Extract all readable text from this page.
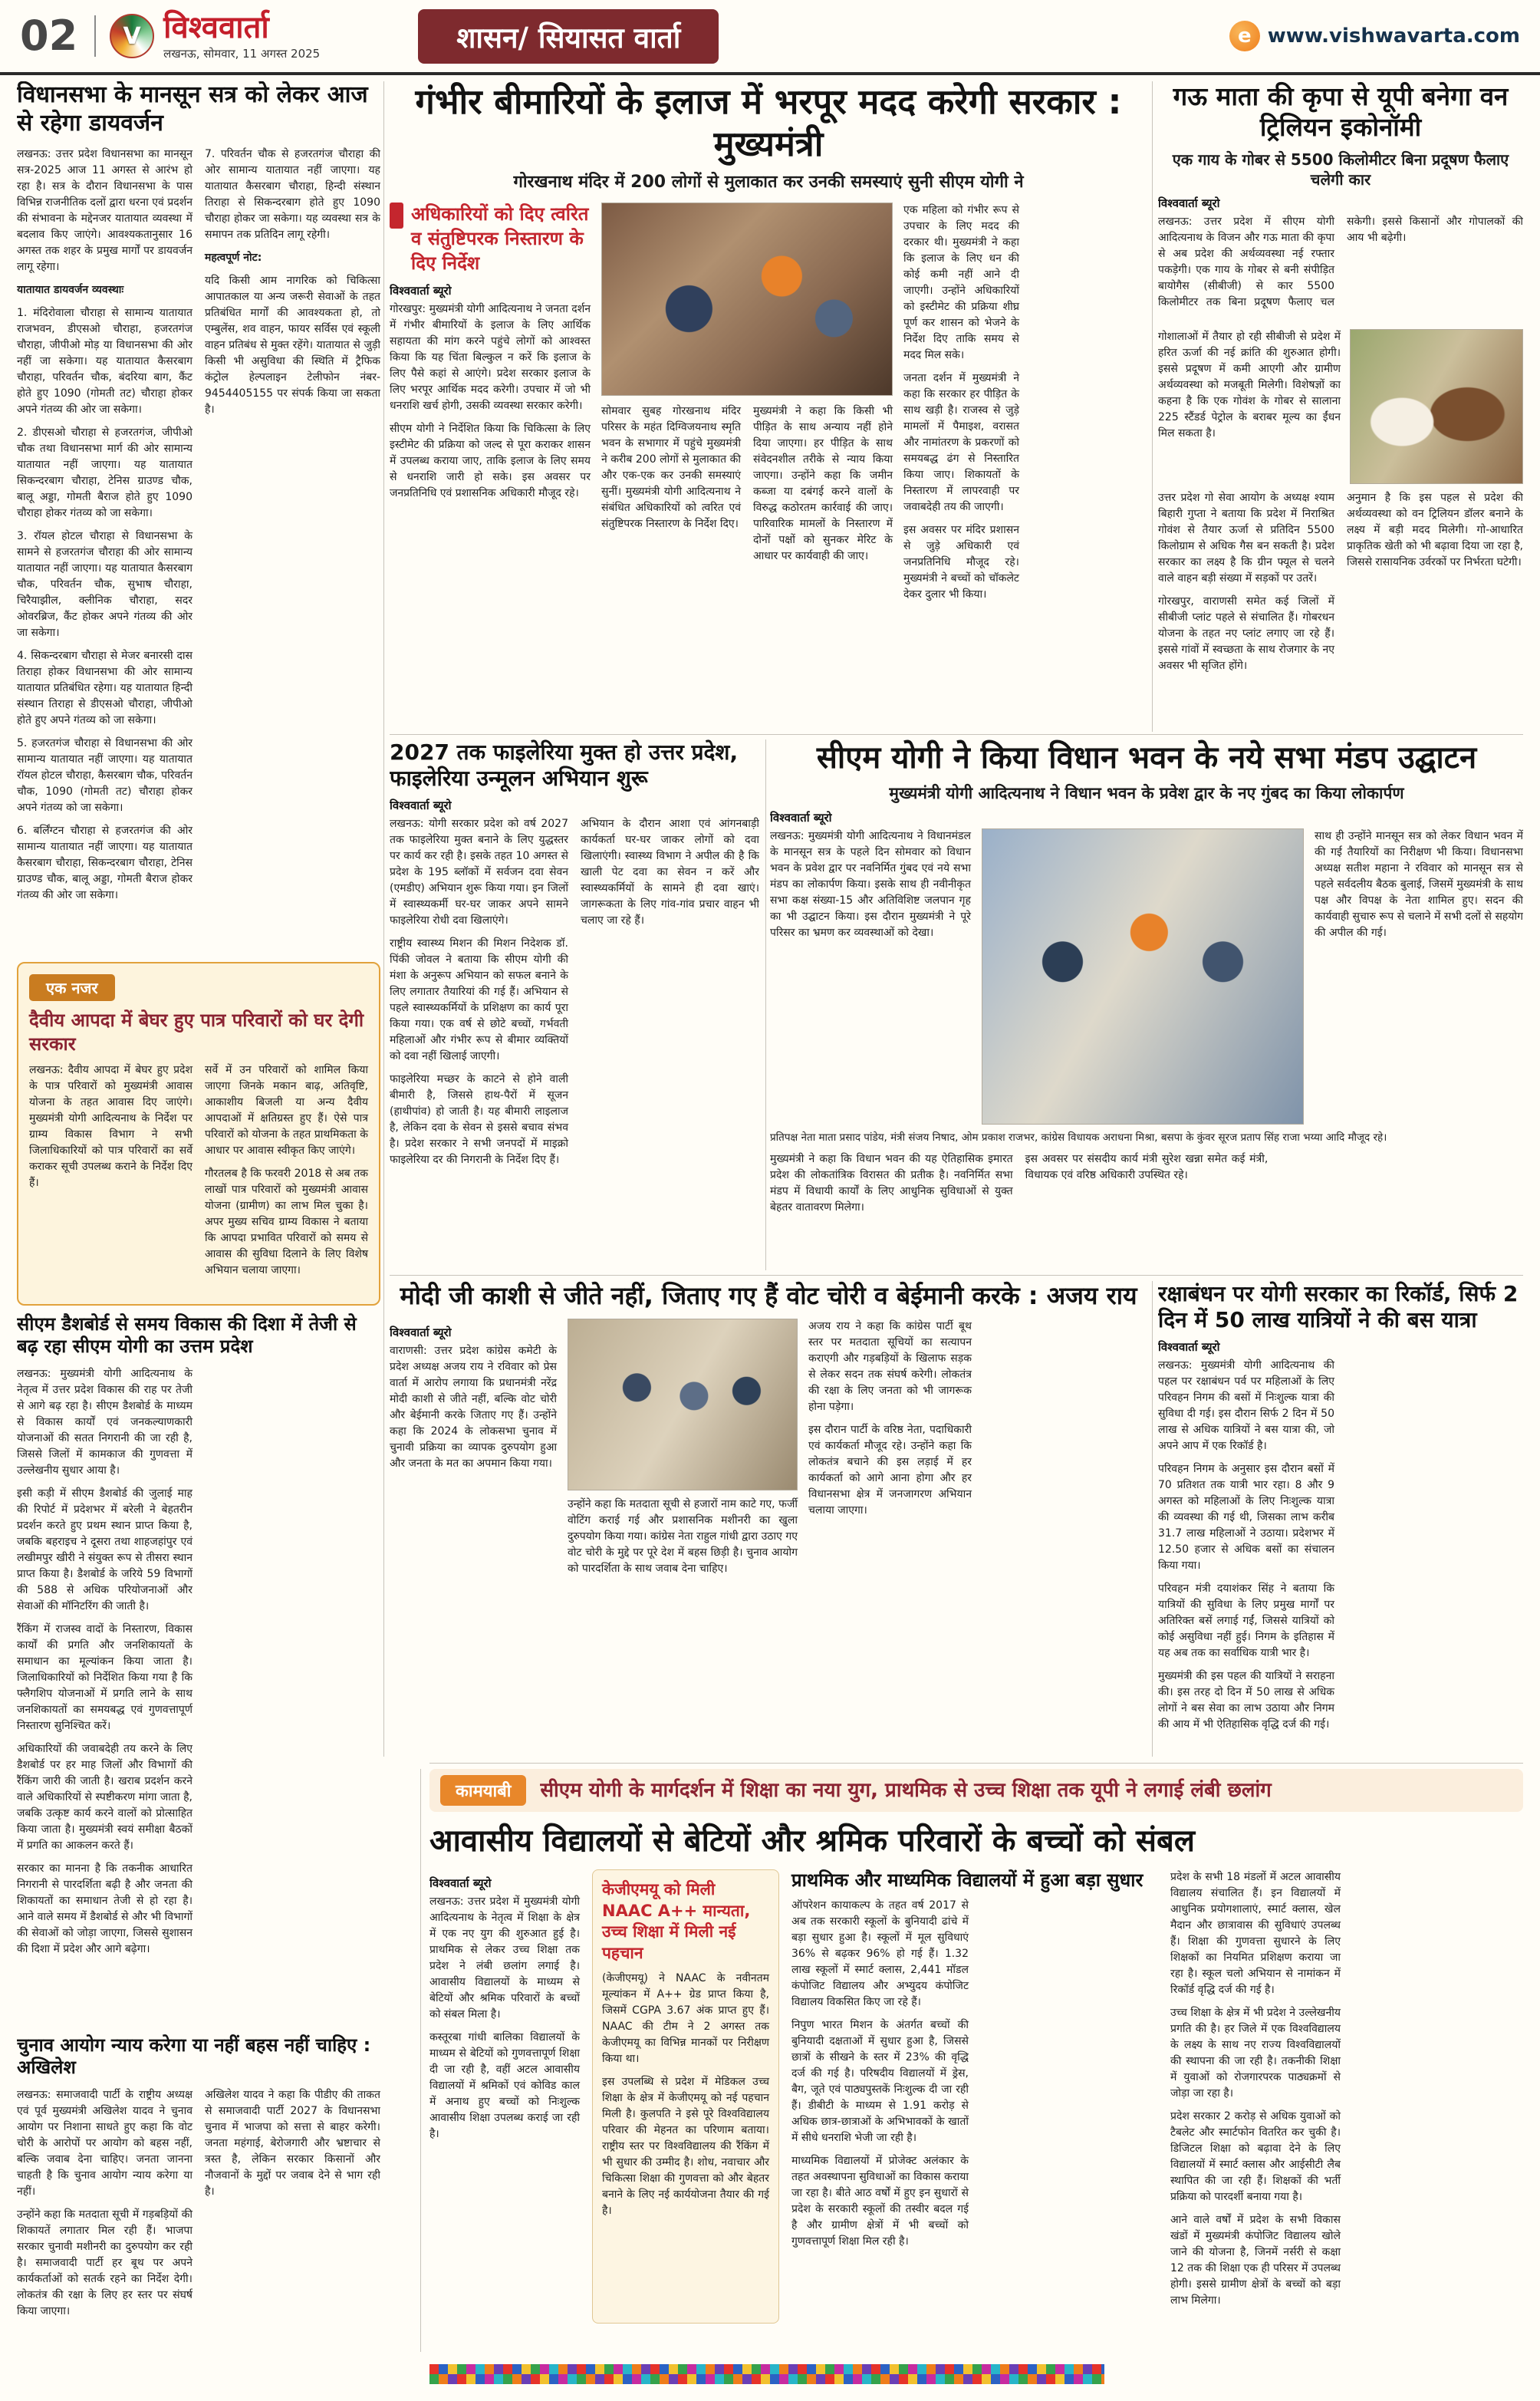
02	V विश्ववार्ता
लखनऊ, सोमवार, 11 अगस्त 2025	शासन/ सियासत वार्ता	e www.vishwavarta.com
विधानसभा के मानसून सत्र को लेकर आज से रहेगा डायवर्जन

लखनऊ: उत्तर प्रदेश विधानसभा का मानसून सत्र-2025 आज 11 अगस्त से आरंभ हो रहा है। सत्र के दौरान विधानसभा के पास विभिन्न राजनीतिक दलों द्वारा धरना एवं प्रदर्शन की संभावना के मद्देनजर यातायात व्यवस्था में बदलाव किए जाएंगे। आवश्यकतानुसार 16 अगस्त तक शहर के प्रमुख मार्गों पर डायवर्जन लागू रहेगा।

यातायात डायवर्जन व्यवस्थाः

1. मंदिरोवाला चौराहा से सामान्य यातायात राजभवन, डीएसओ चौराहा, हजरतगंज चौराहा, जीपीओ मोड़ या विधानसभा की ओर नहीं जा सकेगा। यह यातायात कैसरबाग चौराहा, परिवर्तन चौक, बंदरिया बाग, कैंट होते हुए 1090 (गोमती तट) चौराहा होकर अपने गंतव्य की ओर जा सकेगा।

2. डीएसओ चौराहा से हजरतगंज, जीपीओ चौक तथा विधानसभा मार्ग की ओर सामान्य यातायात नहीं जाएगा। यह यातायात सिकन्दरबाग चौराहा, टेनिस ग्राउण्ड चौक, बालू अड्डा, गोमती बैराज होते हुए 1090 चौराहा होकर गंतव्य को जा सकेगा।

3. रॉयल होटल चौराहा से विधानसभा के सामने से हजरतगंज चौराहा की ओर सामान्य यातायात नहीं जाएगा। यह यातायात कैसरबाग चौक, परिवर्तन चौक, सुभाष चौराहा, चिरैयाझील, क्लीनिक चौराहा, सदर ओवरब्रिज, कैंट होकर अपने गंतव्य की ओर जा सकेगा।

4. सिकन्दरबाग चौराहा से मेजर बनारसी दास तिराहा होकर विधानसभा की ओर सामान्य यातायात प्रतिबंधित रहेगा। यह यातायात हिन्दी संस्थान तिराहा से डीएसओ चौराहा, जीपीओ होते हुए अपने गंतव्य को जा सकेगा।

5. हजरतगंज चौराहा से विधानसभा की ओर सामान्य यातायात नहीं जाएगा। यह यातायात रॉयल होटल चौराहा, कैसरबाग चौक, परिवर्तन चौक, 1090 (गोमती तट) चौराहा होकर अपने गंतव्य को जा सकेगा।

6. बर्लिंग्टन चौराहा से हजरतगंज की ओर सामान्य यातायात नहीं जाएगा। यह यातायात कैसरबाग चौराहा, सिकन्दरबाग चौराहा, टेनिस ग्राउण्ड चौक, बालू अड्डा, गोमती बैराज होकर गंतव्य की ओर जा सकेगा।

7. परिवर्तन चौक से हजरतगंज चौराहा की ओर सामान्य यातायात नहीं जाएगा। यह यातायात कैसरबाग चौराहा, हिन्दी संस्थान तिराहा से सिकन्दरबाग होते हुए 1090 चौराहा होकर जा सकेगा। यह व्यवस्था सत्र के समापन तक प्रतिदिन लागू रहेगी।

महत्वपूर्ण नोट:

यदि किसी आम नागरिक को चिकित्सा आपातकाल या अन्य जरूरी सेवाओं के तहत प्रतिबंधित मार्गों की आवश्यकता हो, तो एम्बुलेंस, शव वाहन, फायर सर्विस एवं स्कूली वाहन प्रतिबंध से मुक्त रहेंगे। यातायात से जुड़ी किसी भी असुविधा की स्थिति में ट्रैफिक कंट्रोल हेल्पलाइन टेलीफोन नंबर- 9454405155 पर संपर्क किया जा सकता है।

एक नजर
दैवीय आपदा में बेघर हुए पात्र परिवारों को घर देगी सरकार

लखनऊ: दैवीय आपदा में बेघर हुए प्रदेश के पात्र परिवारों को मुख्यमंत्री आवास योजना के तहत आवास दिए जाएंगे। मुख्यमंत्री योगी आदित्यनाथ के निर्देश पर ग्राम्य विकास विभाग ने सभी जिलाधिकारियों को पात्र परिवारों का सर्वे कराकर सूची उपलब्ध कराने के निर्देश दिए हैं।

सर्वे में उन परिवारों को शामिल किया जाएगा जिनके मकान बाढ़, अतिवृष्टि, आकाशीय बिजली या अन्य दैवीय आपदाओं में क्षतिग्रस्त हुए हैं। ऐसे पात्र परिवारों को योजना के तहत प्राथमिकता के आधार पर आवास स्वीकृत किए जाएंगे।

गौरतलब है कि फरवरी 2018 से अब तक लाखों पात्र परिवारों को मुख्यमंत्री आवास योजना (ग्रामीण) का लाभ मिल चुका है। अपर मुख्य सचिव ग्राम्य विकास ने बताया कि आपदा प्रभावित परिवारों को समय से आवास की सुविधा दिलाने के लिए विशेष अभियान चलाया जाएगा।

सीएम डैशबोर्ड से समय विकास की दिशा में तेजी से बढ़ रहा सीएम योगी का उत्तम प्रदेश

लखनऊ: मुख्यमंत्री योगी आदित्यनाथ के नेतृत्व में उत्तर प्रदेश विकास की राह पर तेजी से आगे बढ़ रहा है। सीएम डैशबोर्ड के माध्यम से विकास कार्यों एवं जनकल्याणकारी योजनाओं की सतत निगरानी की जा रही है, जिससे जिलों में कामकाज की गुणवत्ता में उल्लेखनीय सुधार आया है।

इसी कड़ी में सीएम डैशबोर्ड की जुलाई माह की रिपोर्ट में प्रदेशभर में बरेली ने बेहतरीन प्रदर्शन करते हुए प्रथम स्थान प्राप्त किया है, जबकि बहराइच ने दूसरा तथा शाहजहांपुर एवं लखीमपुर खीरी ने संयुक्त रूप से तीसरा स्थान प्राप्त किया है। डैशबोर्ड के जरिये 59 विभागों की 588 से अधिक परियोजनाओं और सेवाओं की मॉनिटरिंग की जाती है।

रैंकिंग में राजस्व वादों के निस्तारण, विकास कार्यों की प्रगति और जनशिकायतों के समाधान का मूल्यांकन किया जाता है। जिलाधिकारियों को निर्देशित किया गया है कि फ्लैगशिप योजनाओं में प्रगति लाने के साथ जनशिकायतों का समयबद्ध एवं गुणवत्तापूर्ण निस्तारण सुनिश्चित करें।

अधिकारियों की जवाबदेही तय करने के लिए डैशबोर्ड पर हर माह जिलों और विभागों की रैंकिंग जारी की जाती है। खराब प्रदर्शन करने वाले अधिकारियों से स्पष्टीकरण मांगा जाता है, जबकि उत्कृष्ट कार्य करने वालों को प्रोत्साहित किया जाता है। मुख्यमंत्री स्वयं समीक्षा बैठकों में प्रगति का आकलन करते हैं।

सरकार का मानना है कि तकनीक आधारित निगरानी से पारदर्शिता बढ़ी है और जनता की शिकायतों का समाधान तेजी से हो रहा है। आने वाले समय में डैशबोर्ड से और भी विभागों की सेवाओं को जोड़ा जाएगा, जिससे सुशासन की दिशा में प्रदेश और आगे बढ़ेगा।

चुनाव आयोग न्याय करेगा या नहीं बहस नहीं चाहिए : अखिलेश

लखनऊ: समाजवादी पार्टी के राष्ट्रीय अध्यक्ष एवं पूर्व मुख्यमंत्री अखिलेश यादव ने चुनाव आयोग पर निशाना साधते हुए कहा कि वोट चोरी के आरोपों पर आयोग को बहस नहीं, बल्कि जवाब देना चाहिए। जनता जानना चाहती है कि चुनाव आयोग न्याय करेगा या नहीं।

उन्होंने कहा कि मतदाता सूची में गड़बड़ियों की शिकायतें लगातार मिल रही हैं। भाजपा सरकार चुनावी मशीनरी का दुरुपयोग कर रही है। समाजवादी पार्टी हर बूथ पर अपने कार्यकर्ताओं को सतर्क रहने का निर्देश देगी। लोकतंत्र की रक्षा के लिए हर स्तर पर संघर्ष किया जाएगा।

अखिलेश यादव ने कहा कि पीडीए की ताकत से समाजवादी पार्टी 2027 के विधानसभा चुनाव में भाजपा को सत्ता से बाहर करेगी। जनता महंगाई, बेरोजगारी और भ्रष्टाचार से त्रस्त है, लेकिन सरकार किसानों और नौजवानों के मुद्दों पर जवाब देने से भाग रही है।

गंभीर बीमारियों के इलाज में भरपूर मदद करेगी सरकार : मुख्यमंत्री
गोरखनाथ मंदिर में 200 लोगों से मुलाकात कर उनकी समस्याएं सुनी सीएम योगी ने
अधिकारियों को दिए त्वरित व संतुष्टिपरक निस्तारण के दिए निर्देश
विश्ववार्ता ब्यूरो

गोरखपुर: मुख्यमंत्री योगी आदित्यनाथ ने जनता दर्शन में गंभीर बीमारियों के इलाज के लिए आर्थिक सहायता की मांग करने पहुंचे लोगों को आश्वस्त किया कि यह चिंता बिल्कुल न करें कि इलाज के लिए पैसे कहां से आएंगे। प्रदेश सरकार इलाज के लिए भरपूर आर्थिक मदद करेगी। उपचार में जो भी धनराशि खर्च होगी, उसकी व्यवस्था सरकार करेगी।

सीएम योगी ने निर्देशित किया कि चिकित्सा के लिए इस्टीमेट की प्रक्रिया को जल्द से पूरा कराकर शासन में उपलब्ध कराया जाए, ताकि इलाज के लिए समय से धनराशि जारी हो सके। इस अवसर पर जनप्रतिनिधि एवं प्रशासनिक अधिकारी मौजूद रहे।

सोमवार सुबह गोरखनाथ मंदिर परिसर के महंत दिग्विजयनाथ स्मृति भवन के सभागार में पहुंचे मुख्यमंत्री ने करीब 200 लोगों से मुलाकात की और एक-एक कर उनकी समस्याएं सुनीं। मुख्यमंत्री योगी आदित्यनाथ ने संबंधित अधिकारियों को त्वरित एवं संतुष्टिपरक निस्तारण के निर्देश दिए।

मुख्यमंत्री ने कहा कि किसी भी पीड़ित के साथ अन्याय नहीं होने दिया जाएगा। हर पीड़ित के साथ संवेदनशील तरीके से न्याय किया जाएगा। उन्होंने कहा कि जमीन कब्जा या दबंगई करने वालों के विरुद्ध कठोरतम कार्रवाई की जाए। पारिवारिक मामलों के निस्तारण में दोनों पक्षों को सुनकर मेरिट के आधार पर कार्यवाही की जाए।

एक महिला को गंभीर रूप से उपचार के लिए मदद की दरकार थी। मुख्यमंत्री ने कहा कि इलाज के लिए धन की कोई कमी नहीं आने दी जाएगी। उन्होंने अधिकारियों को इस्टीमेट की प्रक्रिया शीघ्र पूर्ण कर शासन को भेजने के निर्देश दिए ताकि समय से मदद मिल सके।

जनता दर्शन में मुख्यमंत्री ने कहा कि सरकार हर पीड़ित के साथ खड़ी है। राजस्व से जुड़े मामलों में पैमाइश, वरासत और नामांतरण के प्रकरणों को समयबद्ध ढंग से निस्तारित किया जाए। शिकायतों के निस्तारण में लापरवाही पर जवाबदेही तय की जाएगी।

इस अवसर पर मंदिर प्रशासन से जुड़े अधिकारी एवं जनप्रतिनिधि मौजूद रहे। मुख्यमंत्री ने बच्चों को चॉकलेट देकर दुलार भी किया।

2027 तक फाइलेरिया मुक्त हो उत्तर प्रदेश, फाइलेरिया उन्मूलन अभियान शुरू
विश्ववार्ता ब्यूरो

लखनऊ: योगी सरकार प्रदेश को वर्ष 2027 तक फाइलेरिया मुक्त बनाने के लिए युद्धस्तर पर कार्य कर रही है। इसके तहत 10 अगस्त से प्रदेश के 195 ब्लॉकों में सर्वजन दवा सेवन (एमडीए) अभियान शुरू किया गया। इन जिलों में स्वास्थ्यकर्मी घर-घर जाकर अपने सामने फाइलेरिया रोधी दवा खिलाएंगे।

राष्ट्रीय स्वास्थ्य म‍िशन की मिशन निदेशक डॉ. पिंकी जोवल ने बताया कि सीएम योगी की मंशा के अनुरूप अभियान को सफल बनाने के लिए लगातार तैयारियां की गई हैं। अभियान से पहले स्वास्थ्यकर्मियों के प्रशिक्षण का कार्य पूरा किया गया। एक वर्ष से छोटे बच्चों, गर्भवती महिलाओं और गंभीर रूप से बीमार व्यक्तियों को दवा नहीं खिलाई जाएगी।

फाइलेरिया मच्छर के काटने से होने वाली बीमारी है, जिससे हाथ-पैरों में सूजन (हाथीपांव) हो जाती है। यह बीमारी लाइलाज है, लेकिन दवा के सेवन से इससे बचाव संभव है। प्रदेश सरकार ने सभी जनपदों में माइक्रो फाइलेरिया दर की निगरानी के निर्देश दिए हैं।

अभियान के दौरान आशा एवं आंगनबाड़ी कार्यकर्ता घर-घर जाकर लोगों को दवा खिलाएंगी। स्वास्थ्य विभाग ने अपील की है कि खाली पेट दवा का सेवन न करें और स्वास्थ्यकर्मियों के सामने ही दवा खाएं। जागरूकता के लिए गांव-गांव प्रचार वाहन भी चलाए जा रहे हैं।

सीएम योगी ने किया विधान भवन के नये सभा मंडप उद्घाटन
मुख्यमंत्री योगी आदित्यनाथ ने विधान भवन के प्रवेश द्वार के नए गुंबद का किया लोकार्पण
विश्ववार्ता ब्यूरो

लखनऊ: मुख्यमंत्री योगी आदित्यनाथ ने विधानमंडल के मानसून सत्र के पहले दिन सोमवार को विधान भवन के प्रवेश द्वार पर नवनिर्मित गुंबद एवं नये सभा मंडप का लोकार्पण किया। इसके साथ ही नवीनीकृत सभा कक्ष संख्या-15 और अतिविशिष्ट जलपान गृह का भी उद्घाटन किया। इस दौरान मुख्यमंत्री ने पूरे परिसर का भ्रमण कर व्यवस्थाओं को देखा।

साथ ही उन्होंने मानसून सत्र को लेकर विधान भवन में की गई तैयारियों का निरीक्षण भी किया। विधानसभा अध्यक्ष सतीश महाना ने रविवार को मानसून सत्र से पहले सर्वदलीय बैठक बुलाई, जिसमें मुख्यमंत्री के साथ पक्ष और विपक्ष के नेता शामिल हुए। सदन की कार्यवाही सुचारु रूप से चलाने में सभी दलों से सहयोग की अपील की गई।

प्रतिपक्ष नेता माता प्रसाद पांडेय, मंत्री संजय निषाद, ओम प्रकाश राजभर, कांग्रेस विधायक अराधना मिश्रा, बसपा के कुंवर सूरज प्रताप सिंह राजा भय्या आदि मौजूद रहे।

मुख्यमंत्री ने कहा कि विधान भवन की यह ऐतिहासिक इमारत प्रदेश की लोकतांत्रिक विरासत की प्रतीक है। नवनिर्मित सभा मंडप में विधायी कार्यों के लिए आधुनिक सुविधाओं से युक्त बेहतर वातावरण मिलेगा।

इस अवसर पर संसदीय कार्य मंत्री सुरेश खन्ना समेत कई मंत्री, विधायक एवं वरिष्ठ अधिकारी उपस्थित रहे।

मोदी जी काशी से जीते नहीं, जिताए गए हैं वोट चोरी व बेईमानी करके : अजय राय
विश्ववार्ता ब्यूरो

वाराणसी: उत्तर प्रदेश कांग्रेस कमेटी के प्रदेश अध्यक्ष अजय राय ने रविवार को प्रेस वार्ता में आरोप लगाया कि प्रधानमंत्री नरेंद्र मोदी काशी से जीते नहीं, बल्कि वोट चोरी और बेईमानी करके जिताए गए हैं। उन्होंने कहा कि 2024 के लोकसभा चुनाव में चुनावी प्रक्रिया का व्यापक दुरुपयोग हुआ और जनता के मत का अपमान किया गया।

उन्होंने कहा कि मतदाता सूची से हजारों नाम काटे गए, फर्जी वोटिंग कराई गई और प्रशासनिक मशीनरी का खुला दुरुपयोग किया गया। कांग्रेस नेता राहुल गांधी द्वारा उठाए गए वोट चोरी के मुद्दे पर पूरे देश में बहस छिड़ी है। चुनाव आयोग को पारदर्शिता के साथ जवाब देना चाहिए।

अजय राय ने कहा कि कांग्रेस पार्टी बूथ स्तर पर मतदाता सूचियों का सत्यापन कराएगी और गड़बड़ियों के खिलाफ सड़क से लेकर सदन तक संघर्ष करेगी। लोकतंत्र की रक्षा के लिए जनता को भी जागरूक होना पड़ेगा।

इस दौरान पार्टी के वरिष्ठ नेता, पदाधिकारी एवं कार्यकर्ता मौजूद रहे। उन्होंने कहा कि लोकतंत्र बचाने की इस लड़ाई में हर कार्यकर्ता को आगे आना होगा और हर विधानसभा क्षेत्र में जनजागरण अभियान चलाया जाएगा।

गऊ माता की कृपा से यूपी बनेगा वन ट्रिलियन इकोनॉमी
एक गाय के गोबर से 5500 किलोमीटर बिना प्रदूषण फैलाए चलेगी कार
विश्ववार्ता ब्यूरो

लखनऊ: उत्तर प्रदेश में सीएम योगी आदित्यनाथ के विजन और गऊ माता की कृपा से अब प्रदेश की अर्थव्यवस्था नई रफ्तार पकड़ेगी। एक गाय के गोबर से बनी संपीड़ित बायोगैस (सीबीजी) से कार 5500 किलोमीटर तक बिना प्रदूषण फैलाए चल सकेगी। इससे किसानों और गोपालकों की आय भी बढ़ेगी।

गोशालाओं में तैयार हो रही सीबीजी से प्रदेश में हरित ऊर्जा की नई क्रांति की शुरुआत होगी। इससे प्रदूषण में कमी आएगी और ग्रामीण अर्थव्यवस्था को मजबूती मिलेगी। विशेषज्ञों का कहना है कि एक गोवंश के गोबर से सालाना 225 स्टैंडर्ड पेट्रोल के बराबर मूल्य का ईंधन मिल सकता है।

उत्तर प्रदेश गो सेवा आयोग के अध्यक्ष श्याम बिहारी गुप्ता ने बताया कि प्रदेश में निराश्रित गोवंश से तैयार ऊर्जा से प्रतिदिन 5500 किलोग्राम से अधिक गैस बन सकती है। प्रदेश सरकार का लक्ष्य है कि ग्रीन फ्यूल से चलने वाले वाहन बड़ी संख्या में सड़कों पर उतरें।

गोरखपुर, वाराणसी समेत कई जिलों में सीबीजी प्लांट पहले से संचालित हैं। गोबरधन योजना के तहत नए प्लांट लगाए जा रहे हैं। इससे गांवों में स्वच्छता के साथ रोजगार के नए अवसर भी सृजित होंगे।

अनुमान है कि इस पहल से प्रदेश की अर्थव्यवस्था को वन ट्रिलियन डॉलर बनाने के लक्ष्य में बड़ी मदद मिलेगी। गो-आधारित प्राकृतिक खेती को भी बढ़ावा दिया जा रहा है, जिससे रासायनिक उर्वरकों पर निर्भरता घटेगी।

रक्षाबंधन पर योगी सरकार का रिकॉर्ड, सिर्फ 2 दिन में 50 लाख यात्रियों ने की बस यात्रा
विश्ववार्ता ब्यूरो

लखनऊ: मुख्यमंत्री योगी आदित्यनाथ की पहल पर रक्षाबंधन पर्व पर महिलाओं के लिए परिवहन निगम की बसों में निःशुल्क यात्रा की सुविधा दी गई। इस दौरान सिर्फ 2 दिन में 50 लाख से अधिक यात्रियों ने बस यात्रा की, जो अपने आप में एक रिकॉर्ड है।

परिवहन निगम के अनुसार इस दौरान बसों में 70 प्रतिशत तक यात्री भार रहा। 8 और 9 अगस्त को महिलाओं के लिए निःशुल्क यात्रा की व्यवस्था की गई थी, जिसका लाभ करीब 31.7 लाख महिलाओं ने उठाया। प्रदेशभर में 12.50 हजार से अधिक बसों का संचालन किया गया।

परिवहन मंत्री दयाशंकर सिंह ने बताया कि यात्रियों की सुविधा के लिए प्रमुख मार्गों पर अतिरिक्त बसें लगाई गईं, जिससे यात्रियों को कोई असुविधा नहीं हुई। निगम के इतिहास में यह अब तक का सर्वाधिक यात्री भार है।

मुख्यमंत्री की इस पहल की यात्रियों ने सराहना की। इस तरह दो दिन में 50 लाख से अधिक लोगों ने बस सेवा का लाभ उठाया और निगम की आय में भी ऐतिहासिक वृद्धि दर्ज की गई।

कामयाबी	सीएम योगी के मार्गदर्शन में शिक्षा का नया युग, प्राथमिक से उच्च शिक्षा तक यूपी ने लगाई लंबी छलांग
आवासीय विद्यालयों से बेटियों और श्रमिक परिवारों के बच्चों को संबल
विश्ववार्ता ब्यूरो

लखनऊ: उत्तर प्रदेश में मुख्यमंत्री योगी आदित्यनाथ के नेतृत्व में शिक्षा के क्षेत्र में एक नए युग की शुरुआत हुई है। प्राथमिक से लेकर उच्च शिक्षा तक प्रदेश ने लंबी छलांग लगाई है। आवासीय विद्यालयों के माध्यम से बेटियों और श्रमिक परिवारों के बच्चों को संबल मिला है।

कस्तूरबा गांधी बालिका विद्यालयों के माध्यम से बेटियों को गुणवत्तापूर्ण शिक्षा दी जा रही है, वहीं अटल आवासीय विद्यालयों में श्रमिकों एवं कोविड काल में अनाथ हुए बच्चों को निःशुल्क आवासीय शिक्षा उपलब्ध कराई जा रही है।

केजीएमयू को मिली NAAC A++ मान्यता, उच्च शिक्षा में मिली नई पहचान

(केजीएमयू) ने NAAC के नवीनतम मूल्यांकन में A++ ग्रेड प्राप्त किया है, जिसमें CGPA 3.67 अंक प्राप्त हुए हैं। NAAC की टीम ने 2 अगस्त तक केजीएमयू का विभिन्न मानकों पर निरीक्षण किया था।

इस उपलब्धि से प्रदेश में मेडिकल उच्च शिक्षा के क्षेत्र में केजीएमयू को नई पहचान मिली है। कुलपति ने इसे पूरे विश्वविद्यालय परिवार की मेहनत का परिणाम बताया। राष्ट्रीय स्तर पर विश्वविद्यालय की रैंकिंग में भी सुधार की उम्मीद है। शोध, नवाचार और चिकित्सा शिक्षा की गुणवत्ता को और बेहतर बनाने के लिए नई कार्ययोजना तैयार की गई है।

प्राथमिक और माध्यमिक विद्यालयों में हुआ बड़ा सुधार

ऑपरेशन कायाकल्प के तहत वर्ष 2017 से अब तक सरकारी स्कूलों के बुनियादी ढांचे में बड़ा सुधार हुआ है। स्कूलों में मूल सुविधाएं 36% से बढ़कर 96% हो गई हैं। 1.32 लाख स्कूलों में स्मार्ट क्लास, 2,441 मॉडल कंपोजिट विद्यालय और अभ्युदय कंपोजिट विद्यालय विकसित किए जा रहे हैं।

निपुण भारत मिशन के अंतर्गत बच्चों की बुनियादी दक्षताओं में सुधार हुआ है, जिससे छात्रों के सीखने के स्तर में 23% की वृद्धि दर्ज की गई है। परिषदीय विद्यालयों में ड्रेस, बैग, जूते एवं पाठ्यपुस्तकें निःशुल्क दी जा रही हैं। डीबीटी के माध्यम से 1.91 करोड़ से अधिक छात्र-छात्राओं के अभिभावकों के खातों में सीधे धनराशि भेजी जा रही है।

माध्यमिक विद्यालयों में प्रोजेक्ट अलंकार के तहत अवस्थापना सुविधाओं का विकास कराया जा रहा है। बीते आठ वर्षों में हुए इन सुधारों से प्रदेश के सरकारी स्कूलों की तस्वीर बदल गई है और ग्रामीण क्षेत्रों में भी बच्चों को गुणवत्तापूर्ण शिक्षा मिल रही है।

प्रदेश के सभी 18 मंडलों में अटल आवासीय विद्यालय संचालित हैं। इन विद्यालयों में आधुनिक प्रयोगशालाएं, स्मार्ट क्लास, खेल मैदान और छात्रावास की सुविधाएं उपलब्ध हैं। शिक्षा की गुणवत्ता सुधारने के लिए शिक्षकों का नियमित प्रशिक्षण कराया जा रहा है। स्कूल चलो अभियान से नामांकन में रिकॉर्ड वृद्धि दर्ज की गई है।

उच्च शिक्षा के क्षेत्र में भी प्रदेश ने उल्लेखनीय प्रगति की है। हर जिले में एक विश्वविद्यालय के लक्ष्य के साथ नए राज्य विश्वविद्यालयों की स्थापना की जा रही है। तकनीकी शिक्षा में युवाओं को रोजगारपरक पाठ्यक्रमों से जोड़ा जा रहा है।

प्रदेश सरकार 2 करोड़ से अधिक युवाओं को टैबलेट और स्मार्टफोन वितरित कर चुकी है। डिजिटल शिक्षा को बढ़ावा देने के लिए विद्यालयों में स्मार्ट क्लास और आईसीटी लैब स्थापित की जा रही हैं। शिक्षकों की भर्ती प्रक्रिया को पारदर्शी बनाया गया है।

आने वाले वर्षों में प्रदेश के सभी विकास खंडों में मुख्यमंत्री कंपोजिट विद्यालय खोले जाने की योजना है, जिनमें नर्सरी से कक्षा 12 तक की शिक्षा एक ही परिसर में उपलब्ध होगी। इससे ग्रामीण क्षेत्रों के बच्चों को बड़ा लाभ मिलेगा।
